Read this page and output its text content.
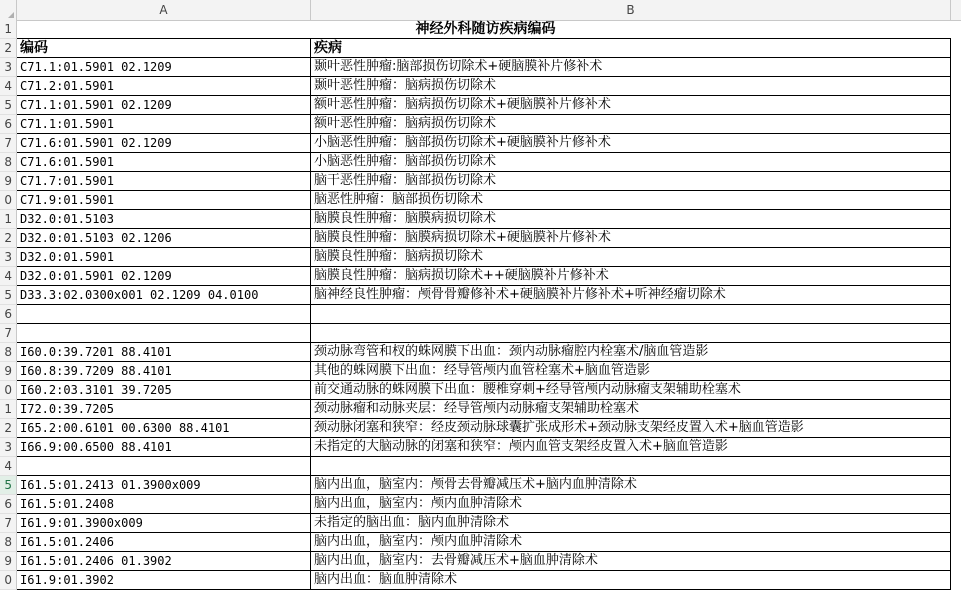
A	B
1	神经外科随访疾病编码
2 编码	疾病
3 C71.1:01.5901 02.1209	颞叶恶性肿瘤:脑部损伤切除术+硬脑膜补片修补术
4 C71.2:01.5901	颞叶恶性肿瘤：脑病损伤切除术
5 C71.1:01.5901 02.1209	额叶恶性肿瘤：脑病损伤切除术+硬脑膜补片修补术
6 C71.1:01.5901	额叶恶性肿瘤：脑病损伤切除术
7 C71.6:01.5901 02.1209	小脑恶性肿瘤：脑部损伤切除术+硬脑膜补片修补术
8 C71.6:01.5901	小脑恶性肿瘤：脑部损伤切除术
9 C71.7:01.5901	脑干恶性肿瘤：脑部损伤切除术
0 C71.9:01.5901	脑恶性肿瘤：脑部损伤切除术
1 D32.0:01.5103	脑膜良性肿瘤：脑膜病损切除术
2 D32.0:01.5103 02.1206	脑膜良性肿瘤：脑膜病损切除术+硬脑膜补片修补术
3 D32.0:01.5901	脑膜良性肿瘤：脑病损切除术
4 D32.0:01.5901 02.1209	脑膜良性肿瘤：脑病损切除术++硬脑膜补片修补术
5 D33.3:02.0300x001 02.1209 04.0100	脑神经良性肿瘤：颅骨骨瓣修补术+硬脑膜补片修补术+听神经瘤切除术
6
7
8 I60.0:39.7201 88.4101	颈动脉弯管和杈的蛛网膜下出血：颈内动脉瘤腔内栓塞术/脑血管造影
9 I60.8:39.7209 88.4101	其他的蛛网膜下出血：经导管颅内血管栓塞术+脑血管造影
0 I60.2:03.3101 39.7205	前交通动脉的蛛网膜下出血：腰椎穿刺+经导管颅内动脉瘤支架辅助栓塞术
1 I72.0:39.7205	颈动脉瘤和动脉夹层：经导管颅内动脉瘤支架辅助栓塞术
2 I65.2:00.6101 00.6300 88.4101	颈动脉闭塞和狭窄：经皮颈动脉球囊扩张成形术+颈动脉支架经皮置入术+脑血管造影
3 I66.9:00.6500 88.4101	未指定的大脑动脉的闭塞和狭窄：颅内血管支架经皮置入术+脑血管造影
4
5 I61.5:01.2413 01.3900x009	脑内出血，脑室内：颅骨去骨瓣减压术+脑内血肿清除术
6 I61.5:01.2408	脑内出血，脑室内：颅内血肿清除术
7 I61.9:01.3900x009	未指定的脑出血：脑内血肿清除术
8 I61.5:01.2406	脑内出血，脑室内：颅内血肿清除术
9 I61.5:01.2406 01.3902	脑内出血，脑室内：去骨瓣减压术+脑血肿清除术
0 I61.9:01.3902	脑内出血：脑血肿清除术
